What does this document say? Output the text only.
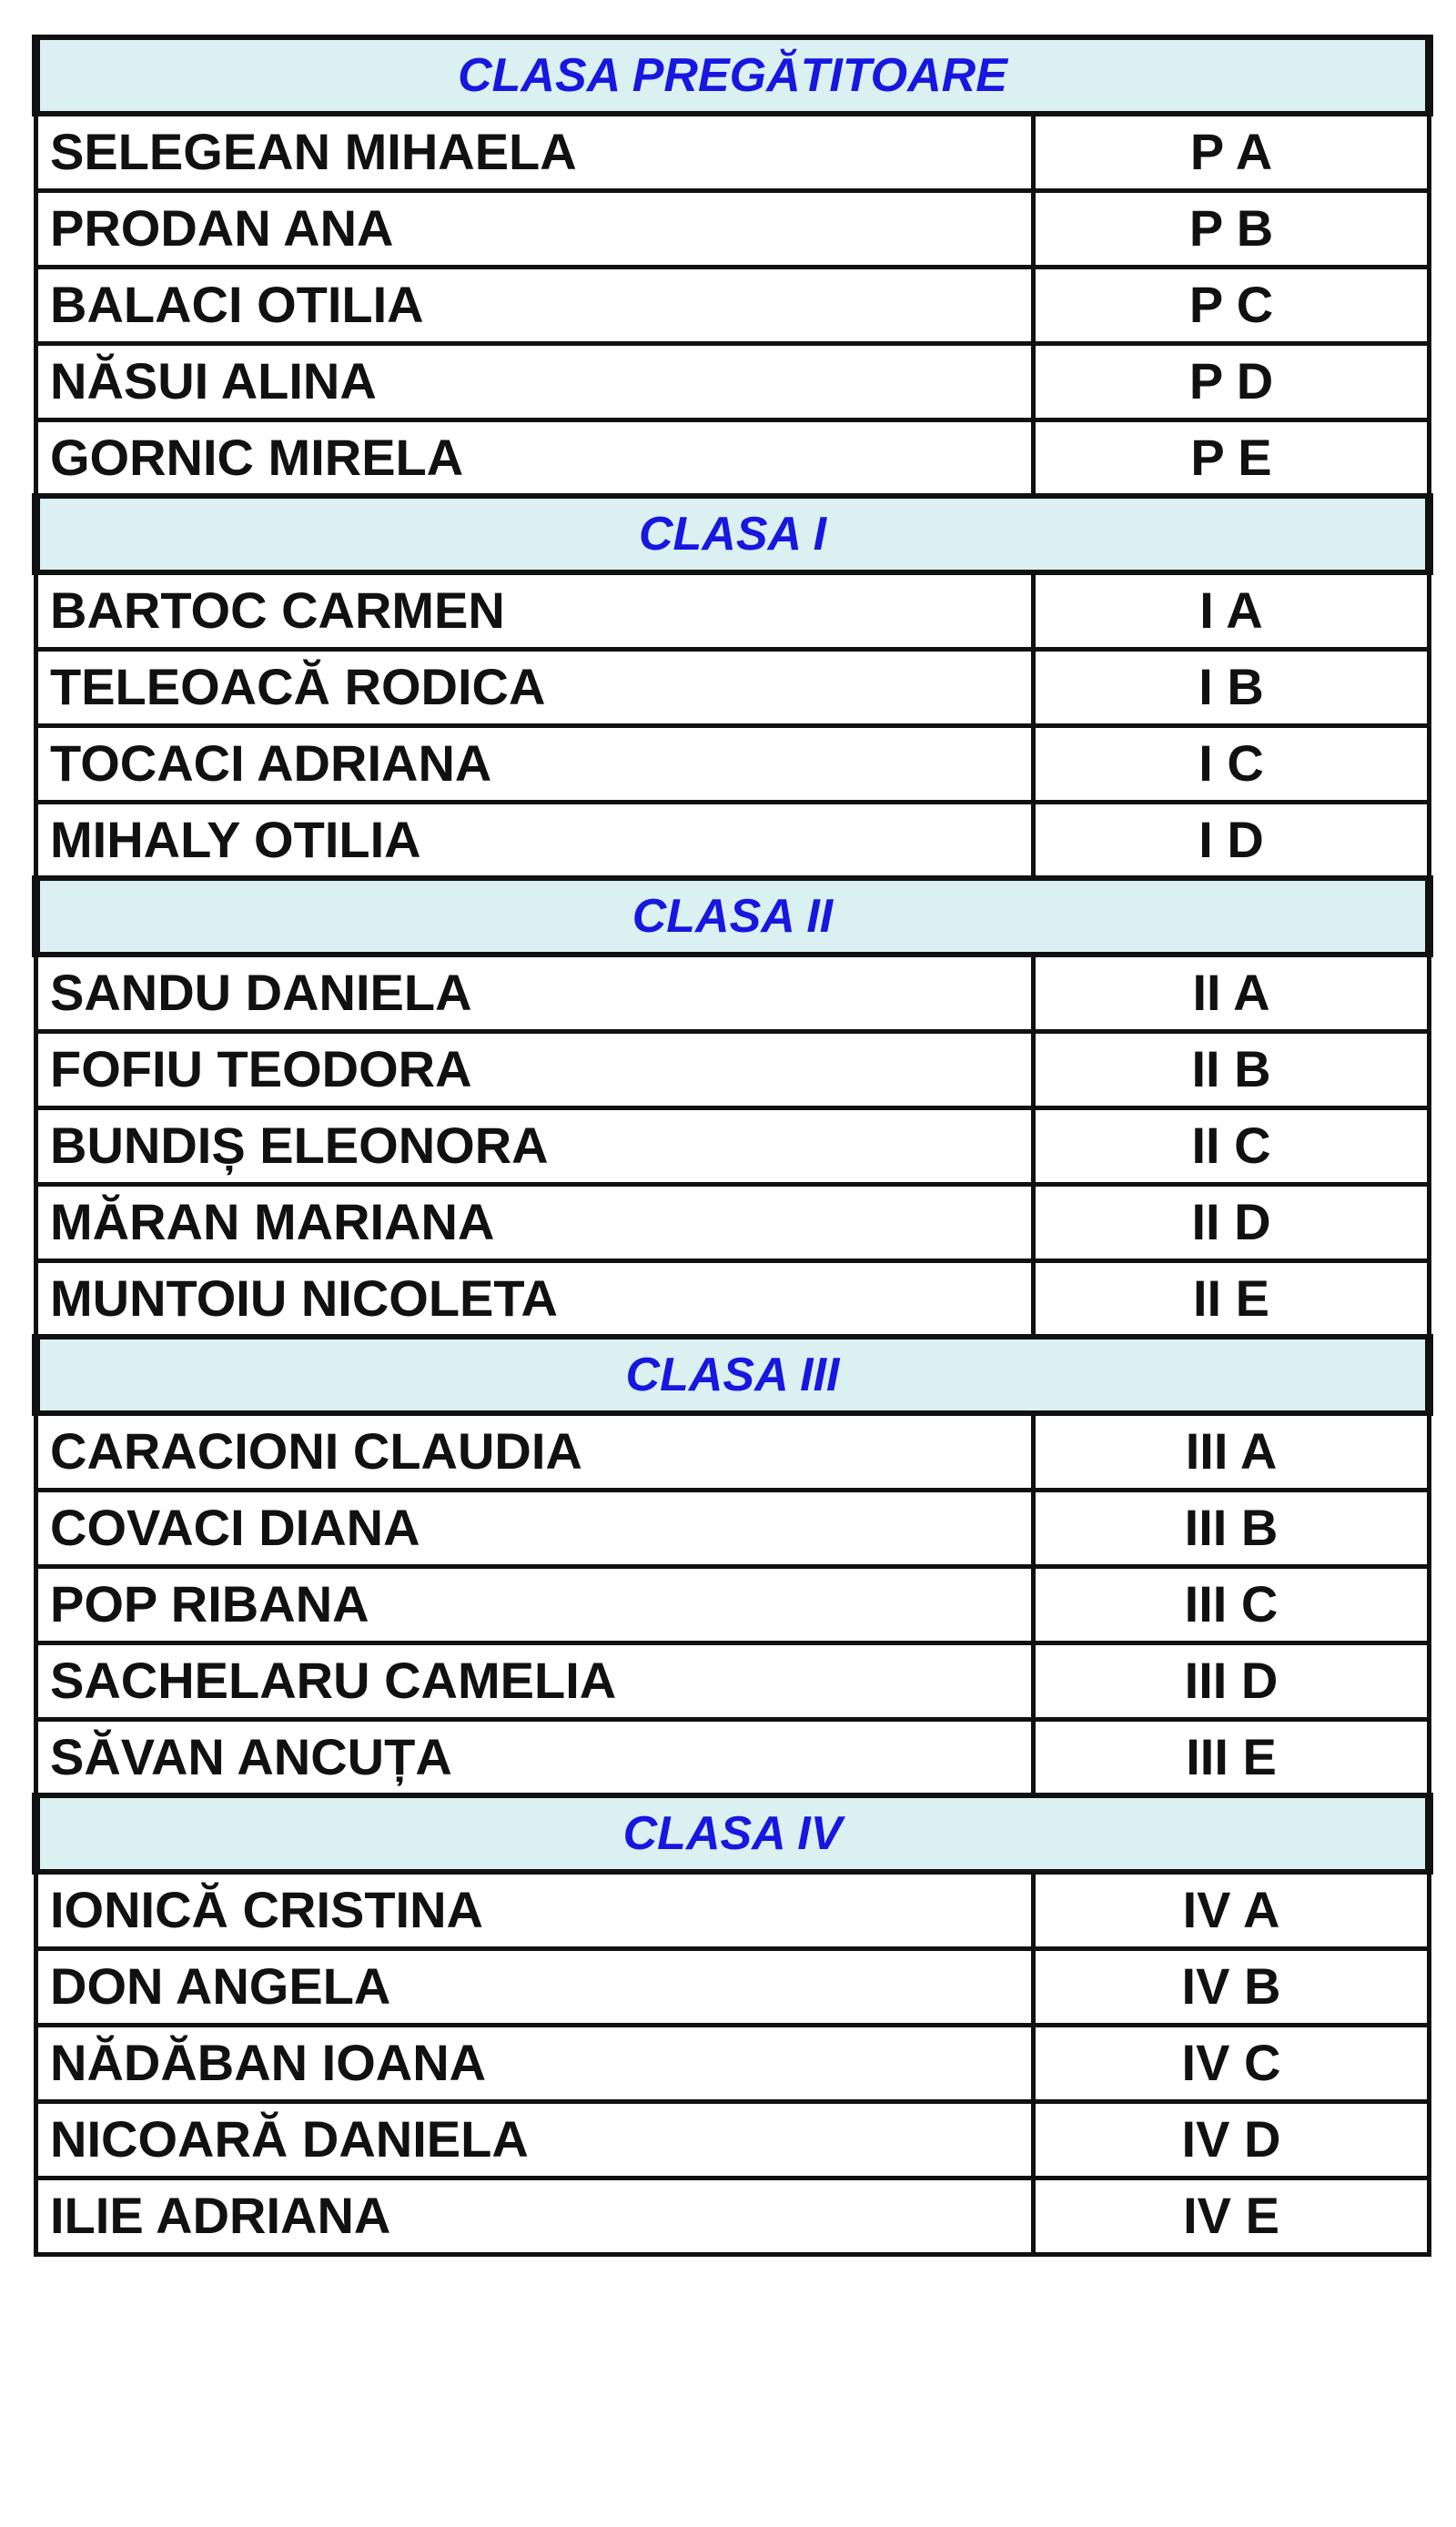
CLASA PREGĂTITOARE	
SELEGEAN MIHAELA	P A
PRODAN ANA	P B
BALACI OTILIA	P C
NĂSUI ALINA	P D
GORNIC MIRELA	P E
CLASA I	
BARTOC CARMEN	I A
TELEOACĂ RODICA	I B
TOCACI ADRIANA	I C
MIHALY OTILIA	I D
CLASA II	
SANDU DANIELA	II A
FOFIU TEODORA	II B
BUNDIȘ ELEONORA	II C
MĂRAN MARIANA	II D
MUNTOIU NICOLETA	II E
CLASA III	
CARACIONI CLAUDIA	III A
COVACI DIANA	III B
POP RIBANA	III C
SACHELARU CAMELIA	III D
SĂVAN ANCUȚA	III E
CLASA IV	
IONICĂ CRISTINA	IV A
DON ANGELA	IV B
NĂDĂBAN IOANA	IV C
NICOARĂ DANIELA	IV D
ILIE ADRIANA	IV E
